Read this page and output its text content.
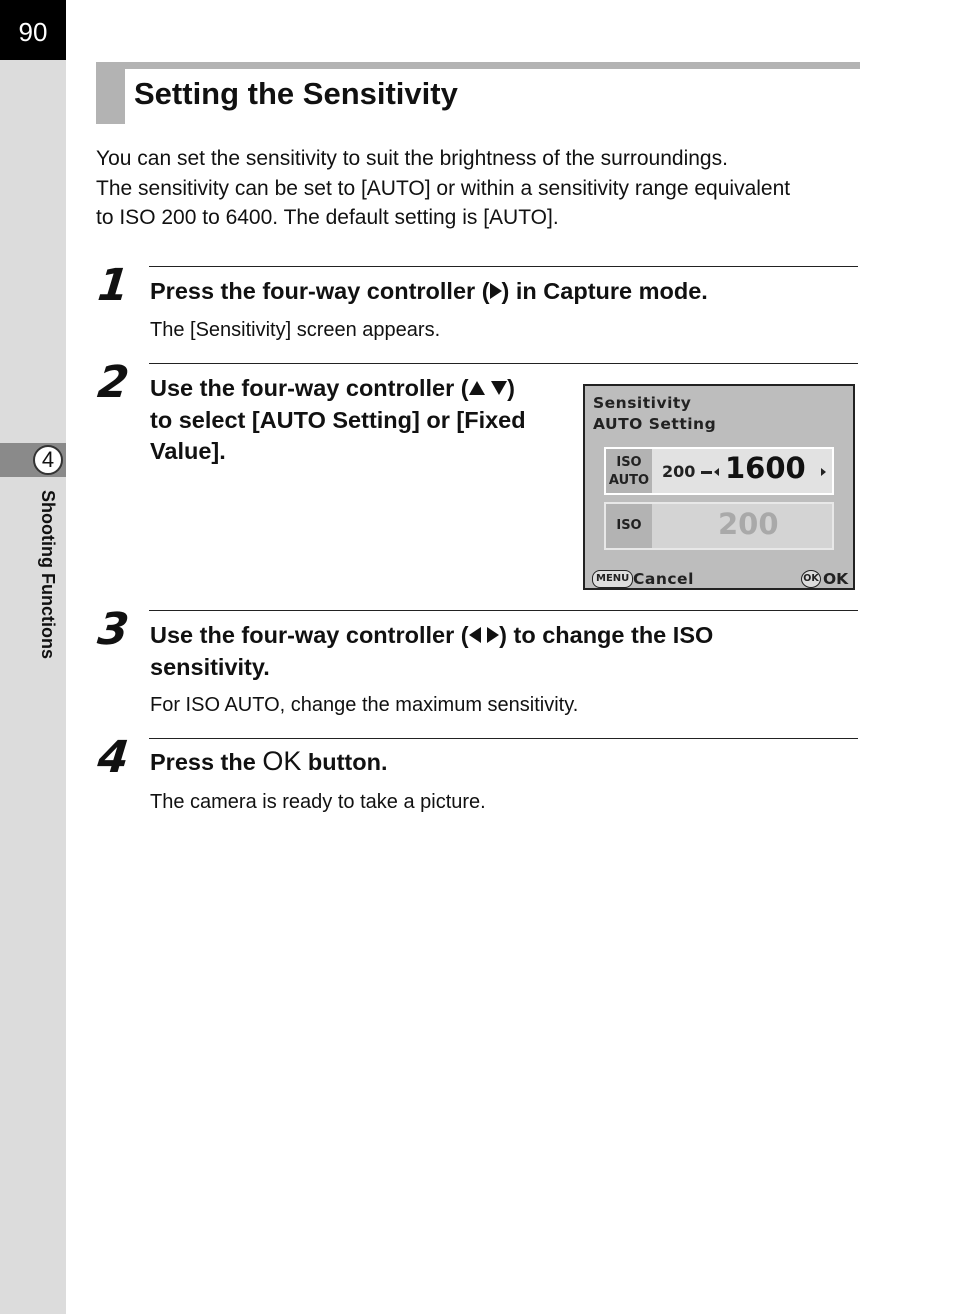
90
4
Shooting Functions
Setting the Sensitivity
You can set the sensitivity to suit the brightness of the surroundings.
The sensitivity can be set to [AUTO] or within a sensitivity range equivalent
to ISO 200 to 6400. The default setting is [AUTO].
1 Press the four-way controller ( ) in Capture mode.
The [Sensitivity] screen appears.
2 Use the four-way controller ( )
to select [AUTO Setting] or [Fixed
Value].
Sensitivity
AUTO Setting
ISO
AUTO 200 1600
ISO	200
MENU Cancel	OK OK
3 Use the four-way controller ( ) to change the ISO
sensitivity.
For ISO AUTO, change the maximum sensitivity.
4 Press the OK button.
The camera is ready to take a picture.
